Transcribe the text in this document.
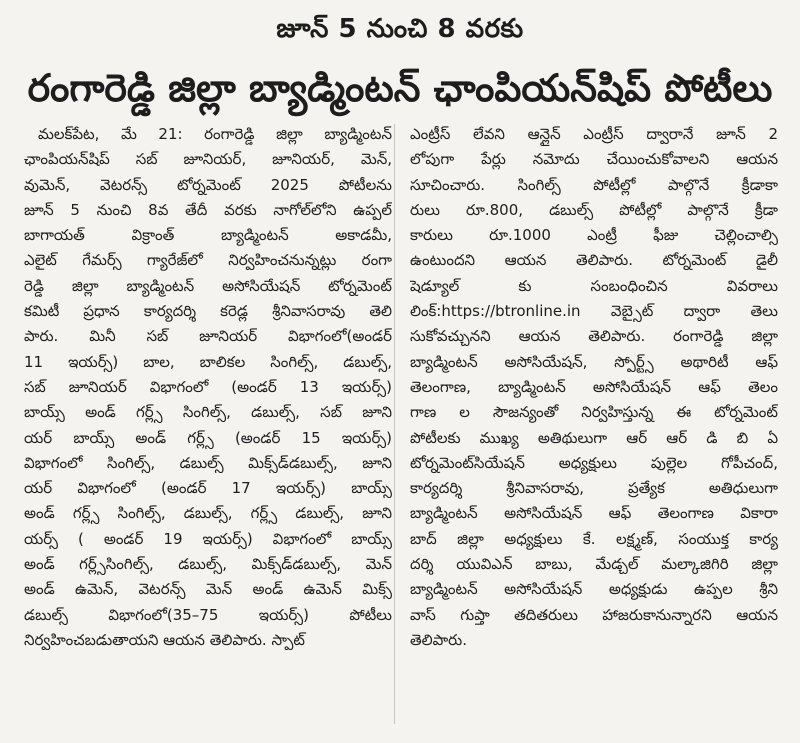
జూన్ 5 నుంచి 8 వరకు
రంగారెడ్డి జిల్లా బ్యాడ్మింటన్ ఛాంపియన్‌షిప్ పోటీలు
మలక్‌పేట, మే 21: రంగారెడ్డి జిల్లా బ్యాడ్మింటన్
ఛాంపియన్‌షిప్ సబ్ జూనియర్, జూనియర్, మెన్,
వుమెన్, వెటరన్స్ టోర్నమెంట్ 2025 పోటీలను
జూన్ 5 నుంచి 8వ తేదీ వరకు నాగోల్‌లోని ఉప్పల్
బాగాయత్ విక్రాంత్ బ్యాడ్మింటన్ అకాడమీ,
ఎలైట్ గేమర్స్ గ్యారేజ్‌లో నిర్వహించనున్నట్లు రంగా
రెడ్డి జిల్లా బ్యాడ్మింటన్ అసోసియేషన్ టోర్నమెంట్
కమిటీ ప్రధాన కార్యదర్శి కరెడ్ల శ్రీనివాసరావు తెలి
పారు. మినీ సబ్ జూనియర్ విభాగంలో(అండర్
11 ఇయర్స్) బాల, బాలికల సింగిల్స్, డబుల్స్,
సబ్ జూనియర్ విభాగంలో (అండర్ 13 ఇయర్స్)
బాయ్స్ అండ్ గర్ల్స్ సింగిల్స్, డబుల్స్, సబ్ జూని
యర్ బాయ్స్ అండ్ గర్ల్స్ (అండర్ 15 ఇయర్స్)
విభాగంలో సింగిల్స్, డబుల్స్ మిక్స్‌డ్‌డబుల్స్, జూని
యర్ విభాగంలో (అండర్ 17 ఇయర్స్) బాయ్స్
అండ్ గర్ల్స్ సింగిల్స్, డబుల్స్, గర్ల్స్ డబుల్స్, జూని
యర్స్ ( అండర్ 19 ఇయర్స్) విభాగంలో బాయ్స్
అండ్ గర్ల్స్‌సింగిల్స్, డబుల్స్, మిక్స్‌డ్‌డబుల్స్, మెన్
అండ్ ఉమెన్, వెటరన్స్ మెన్ అండ్ ఉమెన్ మిక్స్
డబుల్స్ విభాగంలో(35–75 ఇయర్స్) పోటీలు
నిర్వహించబడుతాయని ఆయన తెలిపారు. స్పాట్
ఎంట్రీస్ లేవని ఆన్లైన్ ఎంట్రీస్ ద్వారానే జూన్ 2
లోపుగా పేర్లు నమోదు చేయించుకోవాలని ఆయన
సూచించారు. సింగిల్స్ పోటీల్లో పాల్గొనే క్రీడాకా
రులు రూ.800, డబుల్స్ పోటీల్లో పాల్గొనే క్రీడా
కారులు రూ.1000 ఎంట్రీ ఫీజు చెల్లించాల్సి
ఉంటుందని ఆయన తెలిపారు. టోర్నమెంట్ డైలీ
షెడ్యూల్ కు సంబంధించిన వివరాలు
లింక్:https://btronline.in వెబ్సైట్ ద్వారా తెలు
సుకోవచ్చునని ఆయన తెలిపారు. రంగారెడ్డి జిల్లా
బ్యాడ్మింటన్ అసోసియేషన్, స్పోర్ట్స్ అథారిటీ ఆఫ్
తెలంగాణ, బ్యాడ్మింటన్ అసోసియేషన్ ఆఫ్ తెలం
గాణ ల సౌజన్యంతో నిర్వహిస్తున్న ఈ టోర్నమెంట్
పోటీలకు ముఖ్య అతిథులుగా ఆర్ ఆర్ డి బి ఏ
టోర్నమెంట్‌సియేషన్ అధ్యక్షులు పుల్లెల గోపీచంద్,
కార్యదర్శి శ్రీనివాసరావు, ప్రత్యేక అతిధులుగా
బ్యాడ్మింటన్ అసోసియేషన్ ఆఫ్ తెలంగాణ వికారా
బాద్ జిల్లా అధ్యక్షులు కే. లక్ష్మణ్, సంయుక్త కార్య
దర్శి యువిఎన్ బాబు, మేడ్చల్ మల్కాజిగిరి జిల్లా
బ్యాడ్మింటన్ అసోసియేషన్ అధ్యక్షుడు ఉప్పల శ్రీని
వాస్ గుప్తా తదితరులు హాజరుకానున్నారని ఆయన
తెలిపారు.
